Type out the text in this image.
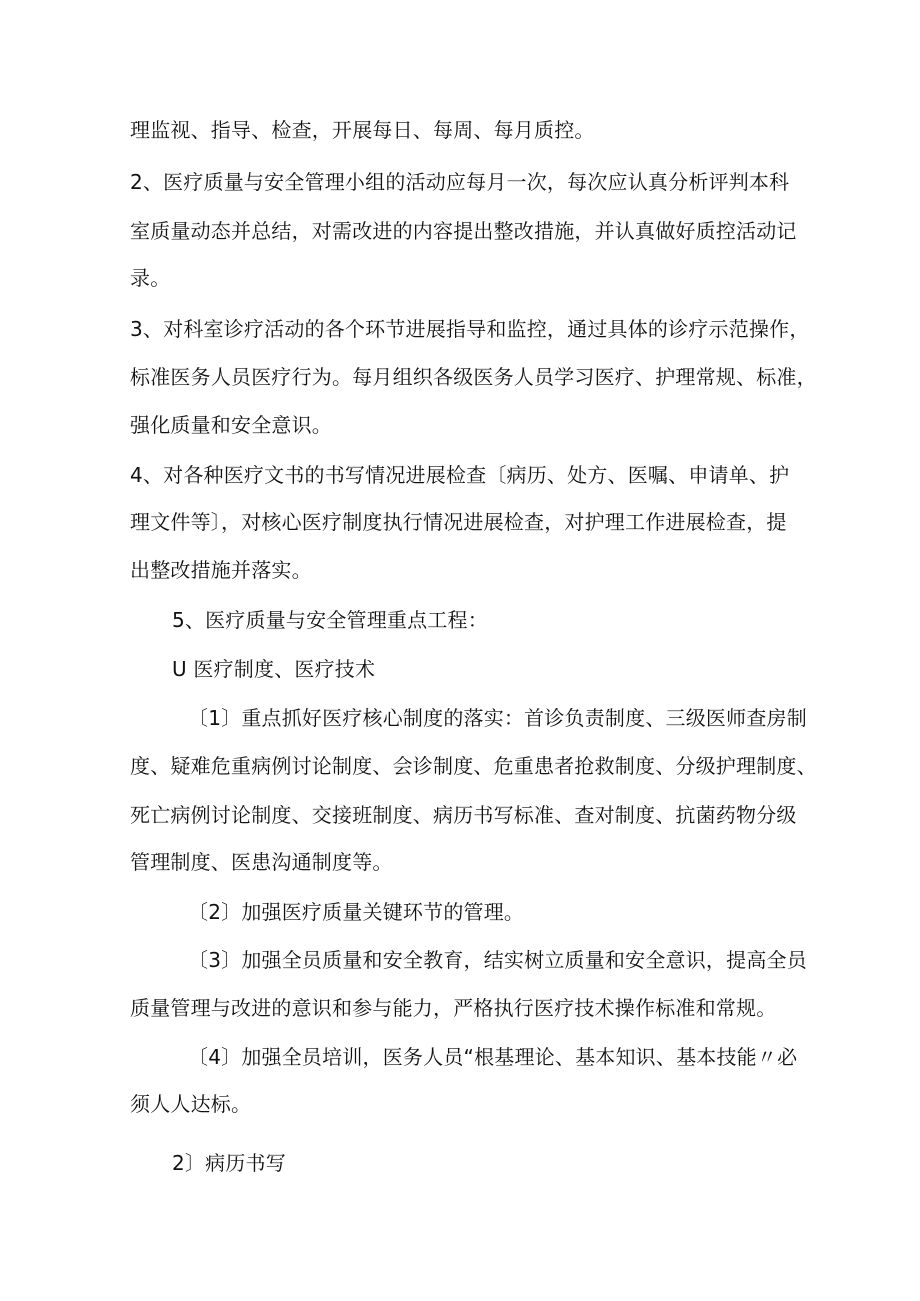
理监视、指导、检查，开展每日、每周、每月质控。
2、医疗质量与安全管理小组的活动应每月一次，每次应认真分析评判本科
室质量动态并总结，对需改进的内容提出整改措施，并认真做好质控活动记
录。
3、对科室诊疗活动的各个环节进展指导和监控，通过具体的诊疗示范操作，
标准医务人员医疗行为。每月组织各级医务人员学习医疗、护理常规、标准，
强化质量和安全意识。
4、对各种医疗文书的书写情况进展检查〔病历、处方、医嘱、申请单、护
理文件等〕，对核心医疗制度执行情况进展检查，对护理工作进展检查，提
出整改措施并落实。
5、医疗质量与安全管理重点工程：
U 医疗制度、医疗技术
〔1〕重点抓好医疗核心制度的落实：首诊负责制度、三级医师查房制
度、疑难危重病例讨论制度、会诊制度、危重患者抢救制度、分级护理制度、
死亡病例讨论制度、交接班制度、病历书写标准、查对制度、抗菌药物分级
管理制度、医患沟通制度等。
〔2〕加强医疗质量关键环节的管理。
〔3〕加强全员质量和安全教育，结实树立质量和安全意识，提高全员
质量管理与改进的意识和参与能力，严格执行医疗技术操作标准和常规。
〔4〕加强全员培训，医务人员“根基理论、基本知识、基本技能〃必
须人人达标。
2〕病历书写
